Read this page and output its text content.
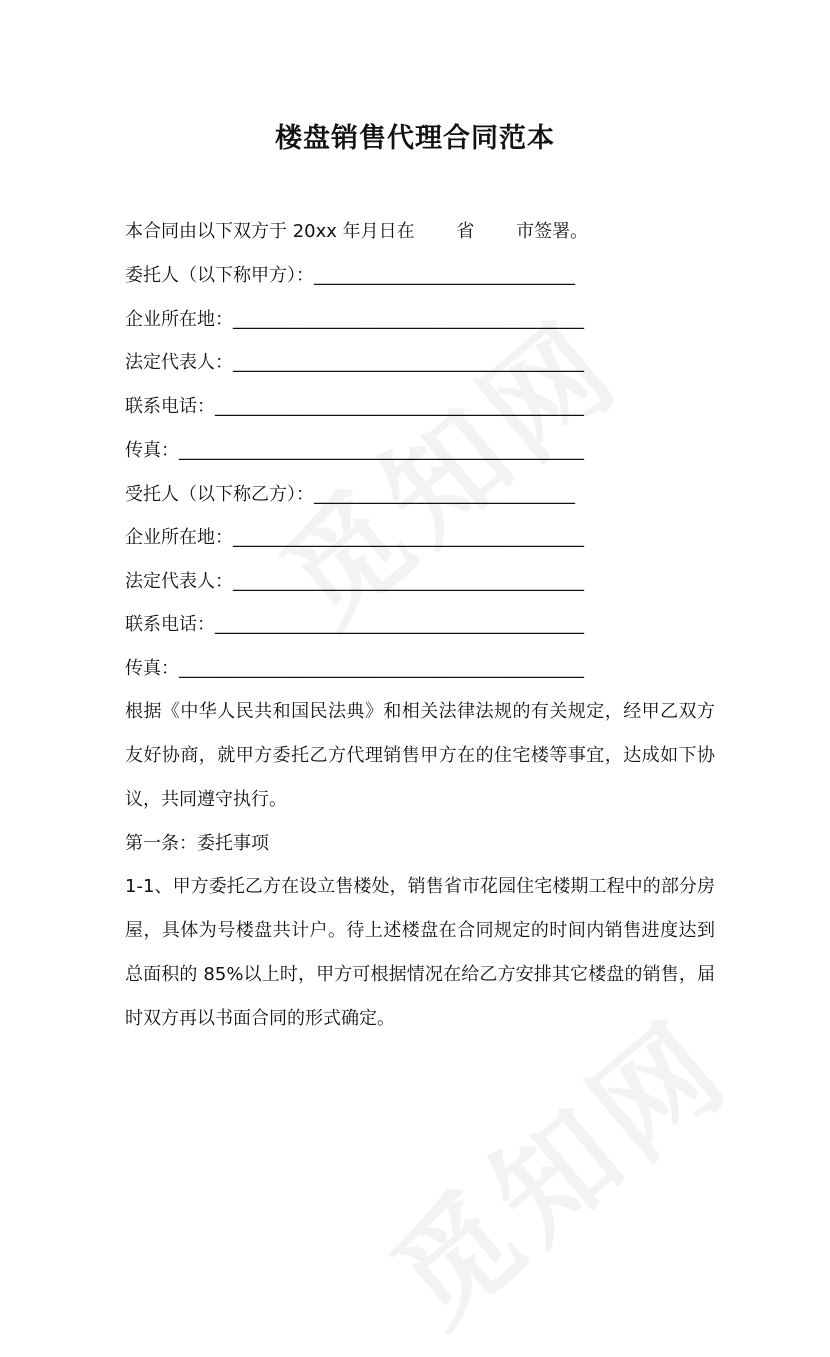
楼盘销售代理合同范本
本合同由以下双方于 20xx 年月日在　　 省　　 市签署。
委托人（以下称甲方）：_____________________________
企业所在地：_______________________________________
法定代表人：_______________________________________
联系电话：_________________________________________
传真：_____________________________________________
受托人（以下称乙方）：_____________________________
企业所在地：_______________________________________
法定代表人：_______________________________________
联系电话：_________________________________________
传真：_____________________________________________
根据《中华人民共和国民法典》和相关法律法规的有关规定，经甲乙双方友好协商，就甲方委托乙方代理销售甲方在的住宅楼等事宜，达成如下协议，共同遵守执行。
第一条：委托事项
1-1、甲方委托乙方在设立售楼处，销售省市花园住宅楼期工程中的部分房屋，具体为号楼盘共计户。待上述楼盘在合同规定的时间内销售进度达到总面积的 85%以上时，甲方可根据情况在给乙方安排其它楼盘的销售，届时双方再以书面合同的形式确定。
